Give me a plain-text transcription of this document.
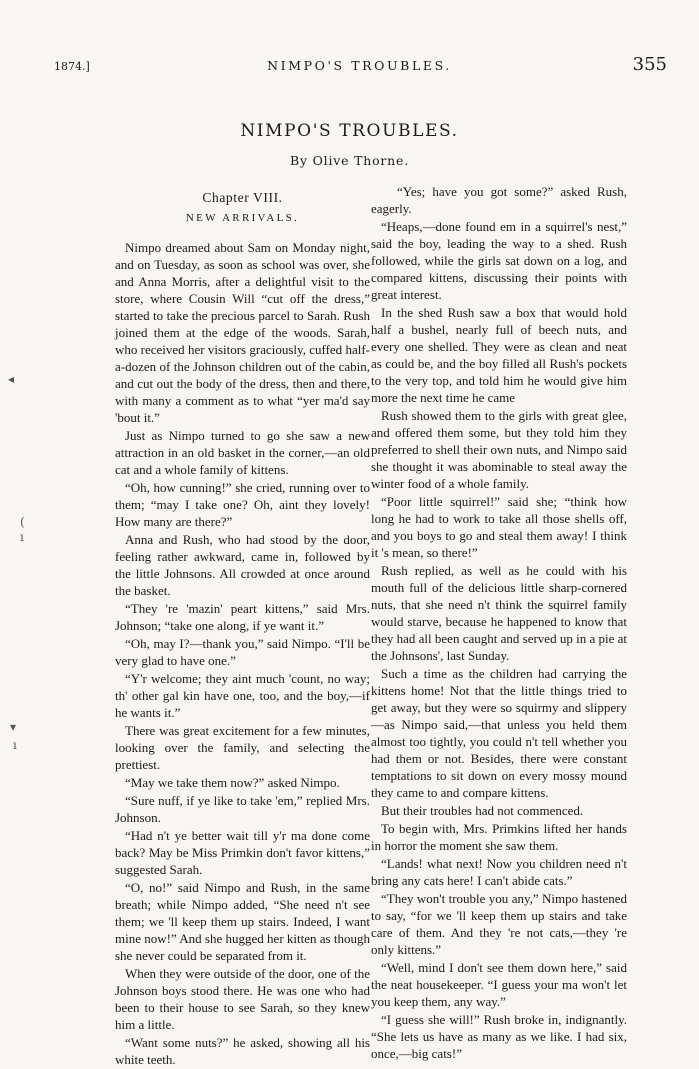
1874.]	NIMPO'S TROUBLES.	355
NIMPO'S TROUBLES.
By Olive Thorne.
Chapter VIII.
NEW ARRIVALS.

Nimpo dreamed about Sam on Monday night, and on Tuesday, as soon as school was over, she and Anna Morris, after a delightful visit to the store, where Cousin Will “cut off the dress,” started to take the precious parcel to Sarah. Rush joined them at the edge of the woods. Sarah, who received her visitors graciously, cuffed half-a-dozen of the Johnson children out of the cabin, and cut out the body of the dress, then and there, with many a comment as to what “yer ma'd say 'bout it.”

Just as Nimpo turned to go she saw a new attraction in an old basket in the corner,—an old cat and a whole family of kittens.

“Oh, how cunning!” she cried, running over to them; “may I take one? Oh, aint they lovely! How many are there?”

Anna and Rush, who had stood by the door, feeling rather awkward, came in, followed by the little Johnsons. All crowded at once around the basket.

“They 're 'mazin' peart kittens,” said Mrs. Johnson; “take one along, if ye want it.”

“Oh, may I?—thank you,” said Nimpo. “I'll be very glad to have one.”

“Y'r welcome; they aint much 'count, no way; th' other gal kin have one, too, and the boy,—if he wants it.”

There was great excitement for a few minutes, looking over the family, and selecting the prettiest.

“May we take them now?” asked Nimpo.

“Sure nuff, if ye like to take 'em,” replied Mrs. Johnson.

“Had n't ye better wait till y'r ma done come back? May be Miss Primkin don't favor kittens,” suggested Sarah.

“O, no!” said Nimpo and Rush, in the same breath; while Nimpo added, “She need n't see them; we 'll keep them up stairs. Indeed, I want mine now!” And she hugged her kitten as though she never could be separated from it.

When they were outside of the door, one of the Johnson boys stood there. He was one who had been to their house to see Sarah, so they knew him a little.

“Want some nuts?” he asked, showing all his white teeth.

“Yes; have you got some?” asked Rush, eagerly.

“Heaps,—done found em in a squirrel's nest,” said the boy, leading the way to a shed. Rush followed, while the girls sat down on a log, and compared kittens, discussing their points with great interest.

In the shed Rush saw a box that would hold half a bushel, nearly full of beech nuts, and every one shelled. They were as clean and neat as could be, and the boy filled all Rush's pockets to the very top, and told him he would give him more the next time he came

Rush showed them to the girls with great glee, and offered them some, but they told him they preferred to shell their own nuts, and Nimpo said she thought it was abominable to steal away the winter food of a whole family.

“Poor little squirrel!” said she; “think how long he had to work to take all those shells off, and you boys to go and steal them away! I think it 's mean, so there!”

Rush replied, as well as he could with his mouth full of the delicious little sharp-cornered nuts, that she need n't think the squirrel family would starve, because he happened to know that they had all been caught and served up in a pie at the Johnsons', last Sunday.

Such a time as the children had carrying the kittens home! Not that the little things tried to get away, but they were so squirmy and slippery—as Nimpo said,—that unless you held them almost too tightly, you could n't tell whether you had them or not. Besides, there were constant temptations to sit down on every mossy mound they came to and compare kittens.

But their troubles had not commenced.

To begin with, Mrs. Primkins lifted her hands in horror the moment she saw them.

“Lands! what next! Now you children need n't bring any cats here! I can't abide cats.”

“They won't trouble you any,” Nimpo hastened to say, “for we 'll keep them up stairs and take care of them. And they 're not cats,—they 're only kittens.”

“Well, mind I don't see them down here,” said the neat housekeeper. “I guess your ma won't let you keep them, any way.”

“I guess she will!” Rush broke in, indignantly. “She lets us have as many as we like. I had six, once,—big cats!”

◂
(
ı
▾
ı
